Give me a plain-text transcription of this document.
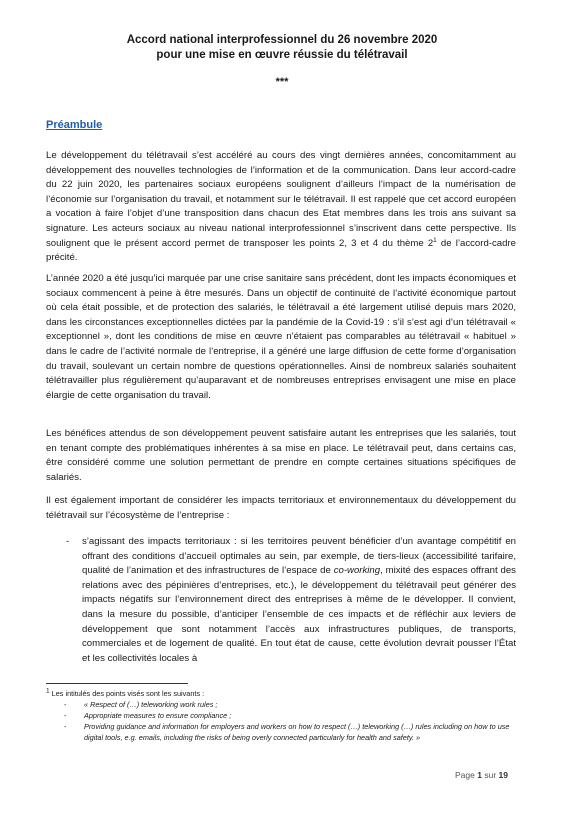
Accord national interprofessionnel du 26 novembre 2020
pour une mise en œuvre réussie du télétravail
***
Préambule

Le développement du télétravail s’est accéléré au cours des vingt dernières années, concomitamment au développement des nouvelles technologies de l’information et de la communication. Dans leur accord-cadre du 22 juin 2020, les partenaires sociaux européens soulignent d’ailleurs l’impact de la numérisation de l’économie sur l’organisation du travail, et notamment sur le télétravail. Il est rappelé que cet accord européen a vocation à faire l’objet d’une transposition dans chacun des Etat membres dans les trois ans suivant sa signature. Les acteurs sociaux au niveau national interprofessionnel s’inscrivent dans cette perspective. Ils soulignent que le présent accord permet de transposer les points 2, 3 et 4 du thème $2^1$ de l’accord-cadre précité.

L’année 2020 a été jusqu’ici marquée par une crise sanitaire sans précédent, dont les impacts économiques et sociaux commencent à peine à être mesurés. Dans un objectif de continuité de l’activité économique partout où cela était possible, et de protection des salariés, le télétravail a été largement utilisé depuis mars 2020, dans les circonstances exceptionnelles dictées par la pandémie de la Covid-19 : s’il s’est agi d’un télétravail « exceptionnel », dont les conditions de mise en œuvre n’étaient pas comparables au télétravail « habituel » dans le cadre de l’activité normale de l’entreprise, il a généré une large diffusion de cette forme d’organisation du travail, soulevant un certain nombre de questions opérationnelles. Ainsi de nombreux salariés souhaitent télétravailler plus régulièrement qu’auparavant et de nombreuses entreprises envisagent une mise en place élargie de cette organisation du travail.

Les bénéfices attendus de son développement peuvent satisfaire autant les entreprises que les salariés, tout en tenant compte des problématiques inhérentes à sa mise en place. Le télétravail peut, dans certains cas, être considéré comme une solution permettant de prendre en compte certaines situations spécifiques de salariés.

Il est également important de considérer les impacts territoriaux et environnementaux du développement du télétravail sur l’écosystème de l’entreprise :

- s’agissant des impacts territoriaux : si les territoires peuvent bénéficier d’un avantage compétitif en offrant des conditions d’accueil optimales au sein, par exemple, de tiers-lieux (accessibilité tarifaire, qualité de l’animation et des infrastructures de l’espace de co-working, mixité des espaces offrant des relations avec des pépinières d’entreprises, etc.), le développement du télétravail peut générer des impacts négatifs sur l’environnement direct des entreprises à même de le développer. Il convient, dans la mesure du possible, d’anticiper l’ensemble de ces impacts et de réfléchir aux leviers de développement que sont notamment l’accès aux infrastructures publiques, de transports, commerciales et de logement de qualité. En tout état de cause, cette évolution devrait pousser l’État et les collectivités locales à

$^1$ Les intitulés des points visés sont les suivants :
- « Respect of (…) teleworking work rules ;
- Appropriate measures to ensure compliance ;
- Providing guidance and information for employers and workers on how to respect (…) teleworking (…) rules including on how to use digital tools, e.g. emails, including the risks of being overly connected particularly for health and safety. »
Page 1 sur 19
